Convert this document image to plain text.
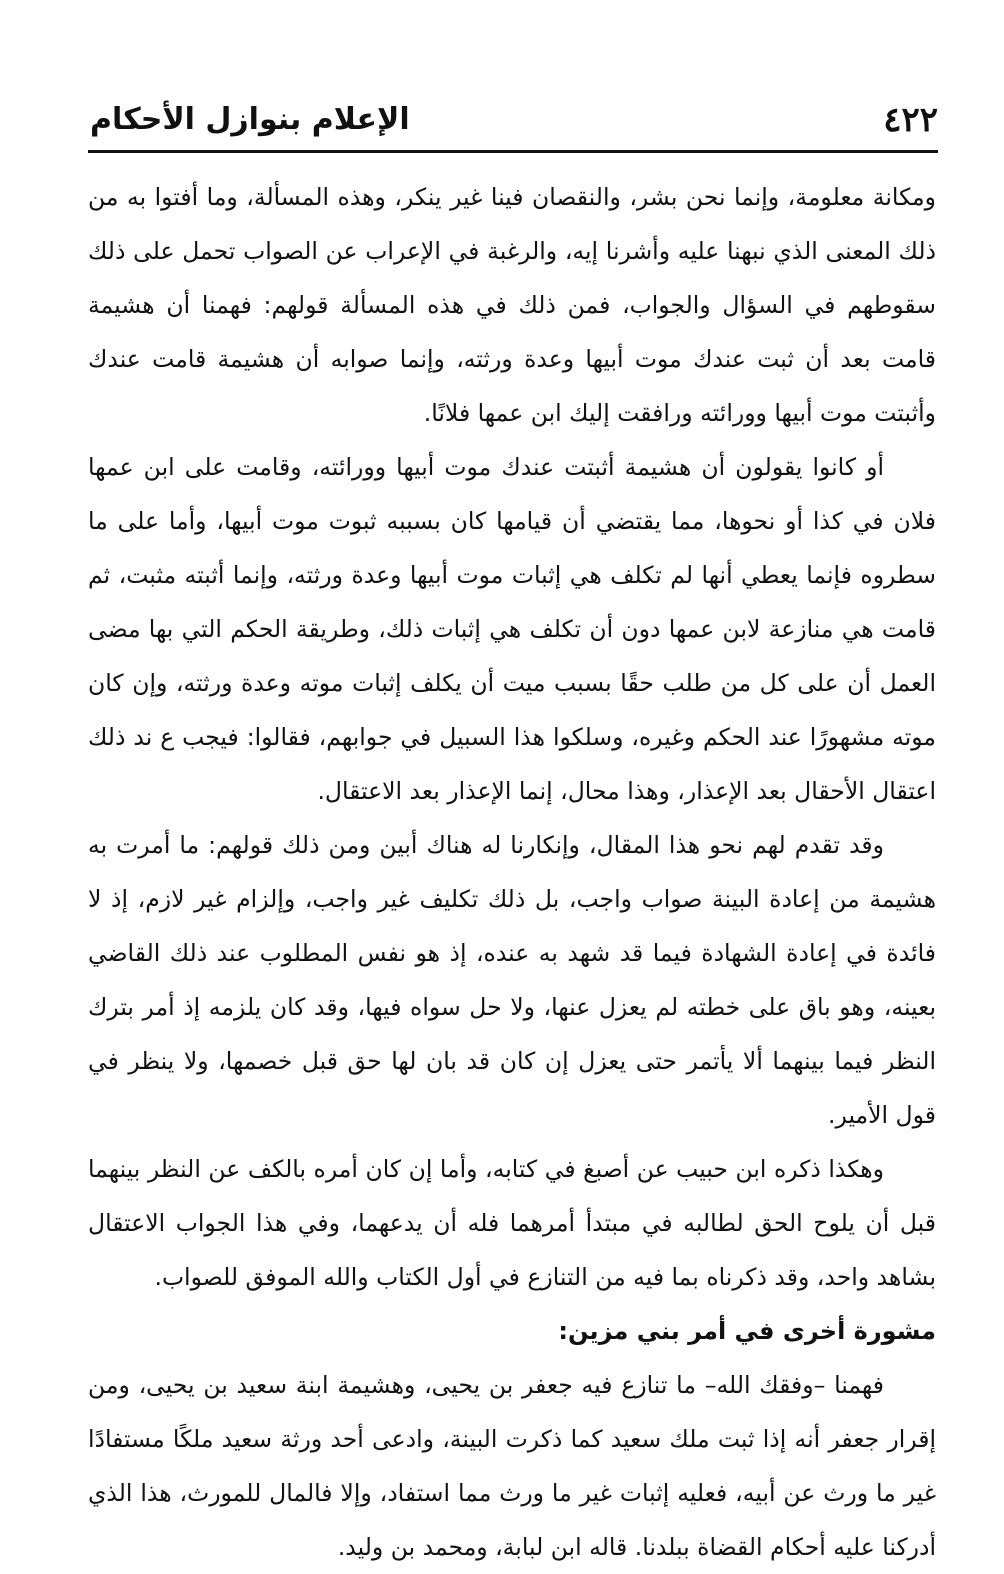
٤٢٢
الإعلام بنوازل الأحكام

ومكانة معلومة، وإنما نحن بشر، والنقصان فينا غير ينكر، وهذه المسألة، وما أفتوا به من ذلك المعنى الذي نبهنا عليه وأشرنا إيه، والرغبة في الإعراب عن الصواب تحمل على ذلك سقوطهم في السؤال والجواب، فمن ذلك في هذه المسألة قولهم: فهمنا أن هشيمة قامت بعد أن ثبت عندك موت أبيها وعدة ورثته، وإنما صوابه أن هشيمة قامت عندك وأثبتت موت أبيها وورائته ورافقت إليك ابن عمها فلانًا.

أو كانوا يقولون أن هشيمة أثبتت عندك موت أبيها وورائته، وقامت على ابن عمها فلان في كذا أو نحوها، مما يقتضي أن قيامها كان بسببه ثبوت موت أبيها، وأما على ما سطروه فإنما يعطي أنها لم تكلف هي إثبات موت أبيها وعدة ورثته، وإنما أثبته مثبت، ثم قامت هي منازعة لابن عمها دون أن تكلف هي إثبات ذلك، وطريقة الحكم التي بها مضى العمل أن على كل من طلب حقًا بسبب ميت أن يكلف إثبات موته وعدة ورثته، وإن كان موته مشهورًا عند الحكم وغيره، وسلكوا هذا السبيل في جوابهم، فقالوا: فيجب ع ند ذلك اعتقال الأحقال بعد الإعذار، وهذا محال، إنما الإعذار بعد الاعتقال.

وقد تقدم لهم نحو هذا المقال، وإنكارنا له هناك أبين ومن ذلك قولهم: ما أمرت به هشيمة من إعادة البينة صواب واجب، بل ذلك تكليف غير واجب، وإلزام غير لازم، إذ لا فائدة في إعادة الشهادة فيما قد شهد به عنده، إذ هو نفس المطلوب عند ذلك القاضي بعينه، وهو باق على خطته لم يعزل عنها، ولا حل سواه فيها، وقد كان يلزمه إذ أمر بترك النظر فيما بينهما ألا يأتمر حتى يعزل إن كان قد بان لها حق قبل خصمها، ولا ينظر في قول الأمير.

وهكذا ذكره ابن حبيب عن أصبغ في كتابه، وأما إن كان أمره بالكف عن النظر بينهما قبل أن يلوح الحق لطالبه في مبتدأ أمرهما فله أن يدعهما، وفي هذا الجواب الاعتقال بشاهد واحد، وقد ذكرناه بما فيه من التنازع في أول الكتاب والله الموفق للصواب.

مشورة أخرى في أمر بني مزين:

فهمنا –وفقك الله– ما تنازع فيه جعفر بن يحيى، وهشيمة ابنة سعيد بن يحيى، ومن إقرار جعفر أنه إذا ثبت ملك سعيد كما ذكرت البينة، وادعى أحد ورثة سعيد ملكًا مستفادًا غير ما ورث عن أبيه، فعليه إثبات غير ما ورث مما استفاد، وإلا فالمال للمورث، هذا الذي أدركنا عليه أحكام القضاة ببلدنا. قاله ابن لبابة، ومحمد بن وليد.
